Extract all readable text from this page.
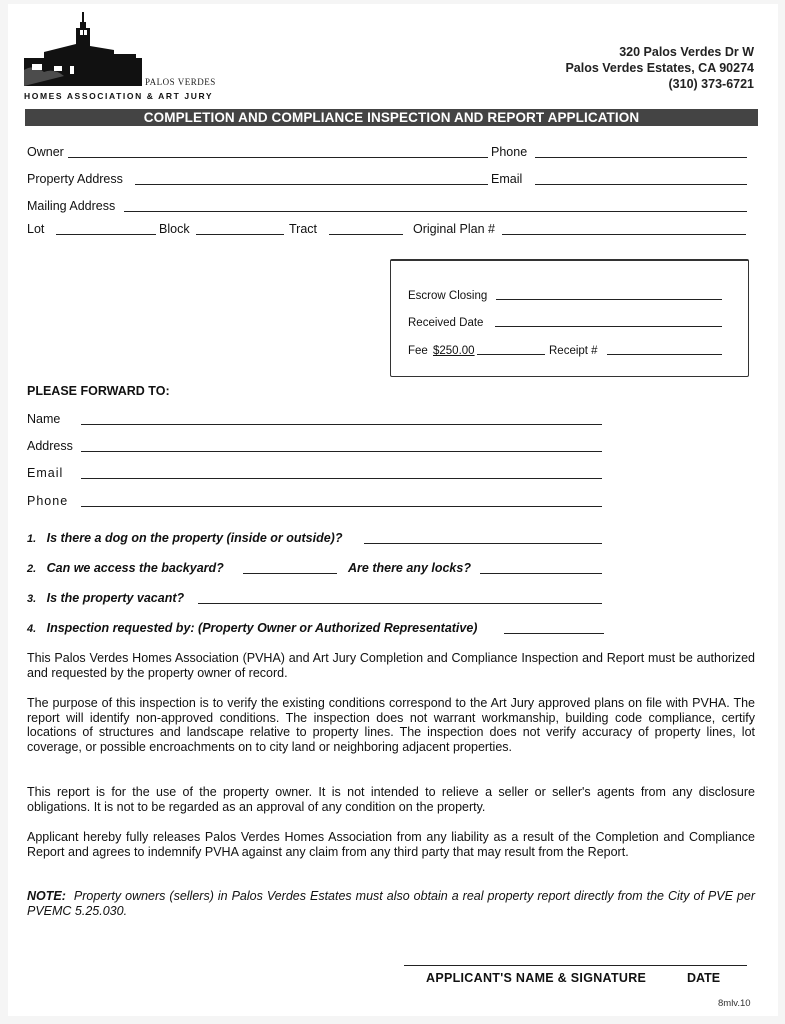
PALOS VERDES
HOMES ASSOCIATION & ART JURY
320 Palos Verdes Dr W
Palos Verdes Estates, CA 90274
(310) 373-6721
COMPLETION AND COMPLIANCE INSPECTION AND REPORT APPLICATION
Owner	Phone
Property Address	Email
Mailing Address
Lot	Block	Tract	Original Plan #
Escrow Closing
Received Date
Fee $250.00	Receipt #
PLEASE FORWARD TO:
Name
Address
Email
Phone
1. Is there a dog on the property (inside or outside)?
2. Can we access the backyard?	Are there any locks?
3. Is the property vacant?
4. Inspection requested by: (Property Owner or Authorized Representative)
This Palos Verdes Homes Association (PVHA) and Art Jury Completion and Compliance Inspection and Report must be authorized and requested by the property owner of record.
The purpose of this inspection is to verify the existing conditions correspond to the Art Jury approved plans on file with PVHA. The report will identify non-approved conditions. The inspection does not warrant workmanship, building code compliance, certify locations of structures and landscape relative to property lines. The inspection does not verify accuracy of property lines, lot coverage, or possible encroachments on to city land or neighboring adjacent properties.
This report is for the use of the property owner. It is not intended to relieve a seller or seller's agents from any disclosure obligations. It is not to be regarded as an approval of any condition on the property.
Applicant hereby fully releases Palos Verdes Homes Association from any liability as a result of the Completion and Compliance Report and agrees to indemnify PVHA against any claim from any third party that may result from the Report.
NOTE: Property owners (sellers) in Palos Verdes Estates must also obtain a real property report directly from the City of PVE per PVEMC 5.25.030.
APPLICANT'S NAME & SIGNATURE	DATE
8mlv.10
